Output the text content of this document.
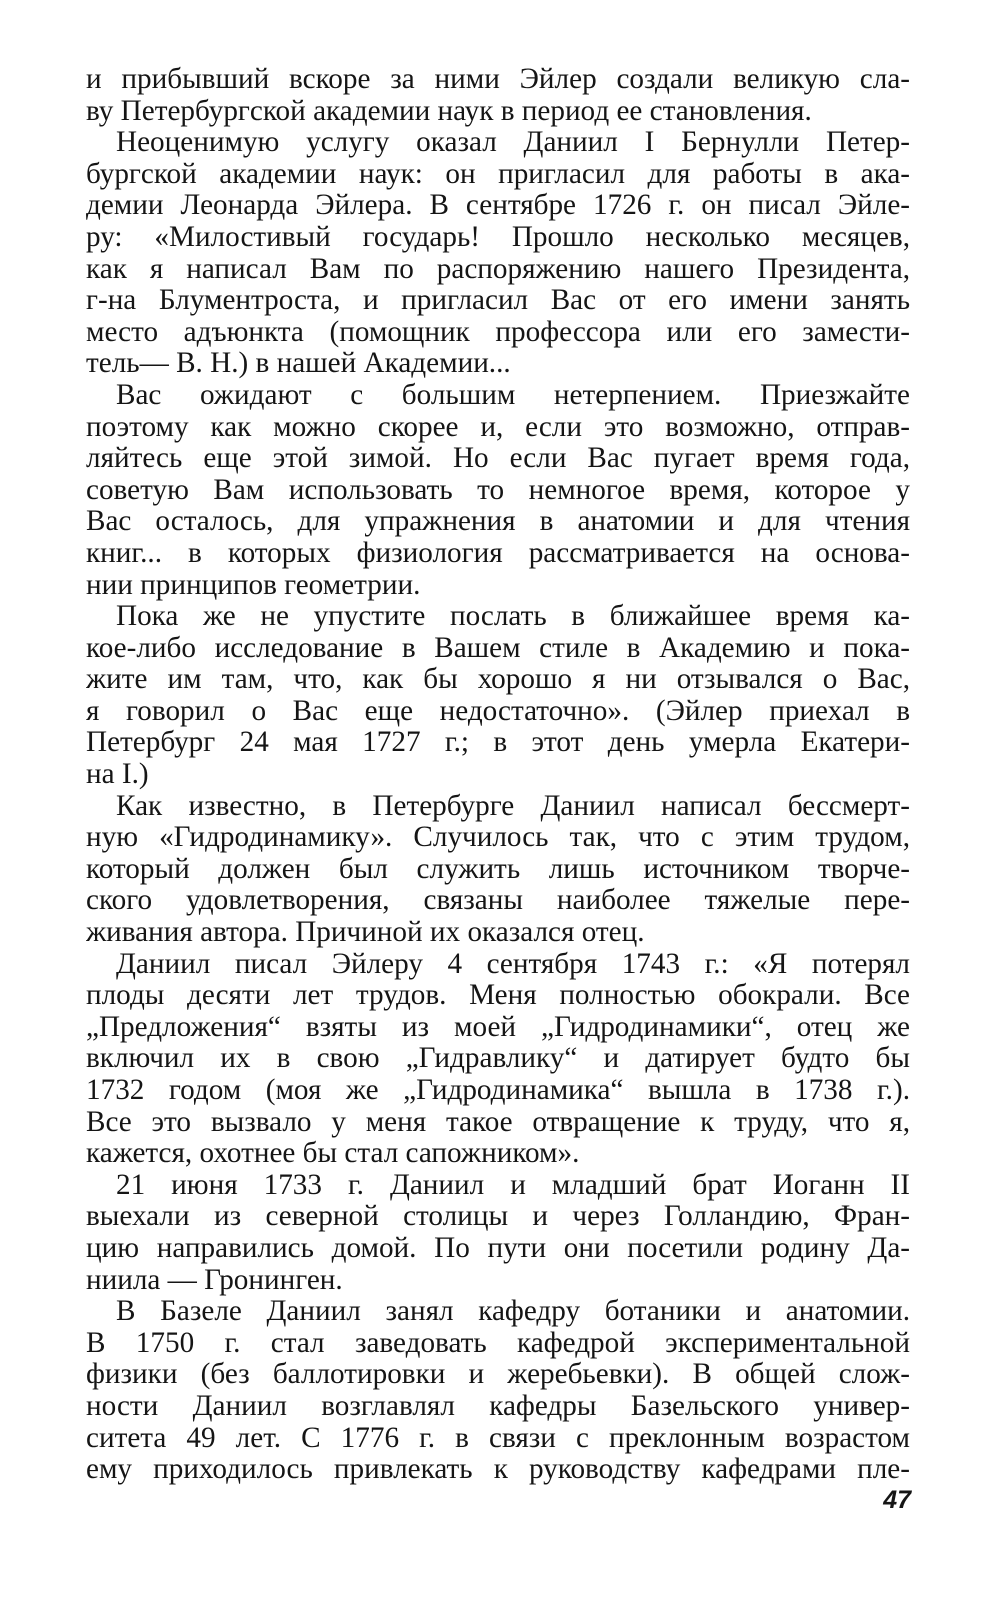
и прибывший вскоре за ними Эйлер создали великую сла-
ву Петербургской академии наук в период ее становления.
Неоценимую услугу оказал Даниил I Бернулли Петер-
бургской академии наук: он пригласил для работы в ака-
демии Леонарда Эйлера. В сентябре 1726 г. он писал Эйле-
ру: «Милостивый государь! Прошло несколько месяцев,
как я написал Вам по распоряжению нашего Президента,
г-на Блументроста, и пригласил Вас от его имени занять
место адъюнкта (помощник профессора или его замести-
тель— В. Н.) в нашей Академии...
Вас ожидают с большим нетерпением. Приезжайте
поэтому как можно скорее и, если это возможно, отправ-
ляйтесь еще этой зимой. Но если Вас пугает время года,
советую Вам использовать то немногое время, которое у
Вас осталось, для упражнения в анатомии и для чтения
книг... в которых физиология рассматривается на основа-
нии принципов геометрии.
Пока же не упустите послать в ближайшее время ка-
кое-либо исследование в Вашем стиле в Академию и пока-
жите им там, что, как бы хорошо я ни отзывался о Вас,
я говорил о Вас еще недостаточно». (Эйлер приехал в
Петербург 24 мая 1727 г.; в этот день умерла Екатери-
на I.)
Как известно, в Петербурге Даниил написал бессмерт-
ную «Гидродинамику». Случилось так, что с этим трудом,
который должен был служить лишь источником творче-
ского удовлетворения, связаны наиболее тяжелые пере-
живания автора. Причиной их оказался отец.
Даниил писал Эйлеру 4 сентября 1743 г.: «Я потерял
плоды десяти лет трудов. Меня полностью обокрали. Все
„Предложения“ взяты из моей „Гидродинамики“, отец же
включил их в свою „Гидравлику“ и датирует будто бы
1732 годом (моя же „Гидродинамика“ вышла в 1738 г.).
Все это вызвало у меня такое отвращение к труду, что я,
кажется, охотнее бы стал сапожником».
21 июня 1733 г. Даниил и младший брат Иоганн II
выехали из северной столицы и через Голландию, Фран-
цию направились домой. По пути они посетили родину Да-
ниила — Гронинген.
В Базеле Даниил занял кафедру ботаники и анатомии.
В 1750 г. стал заведовать кафедрой экспериментальной
физики (без баллотировки и жеребьевки). В общей слож-
ности Даниил возглавлял кафедры Базельского универ-
ситета 49 лет. С 1776 г. в связи с преклонным возрастом
ему приходилось привлекать к руководству кафедрами пле-
47
